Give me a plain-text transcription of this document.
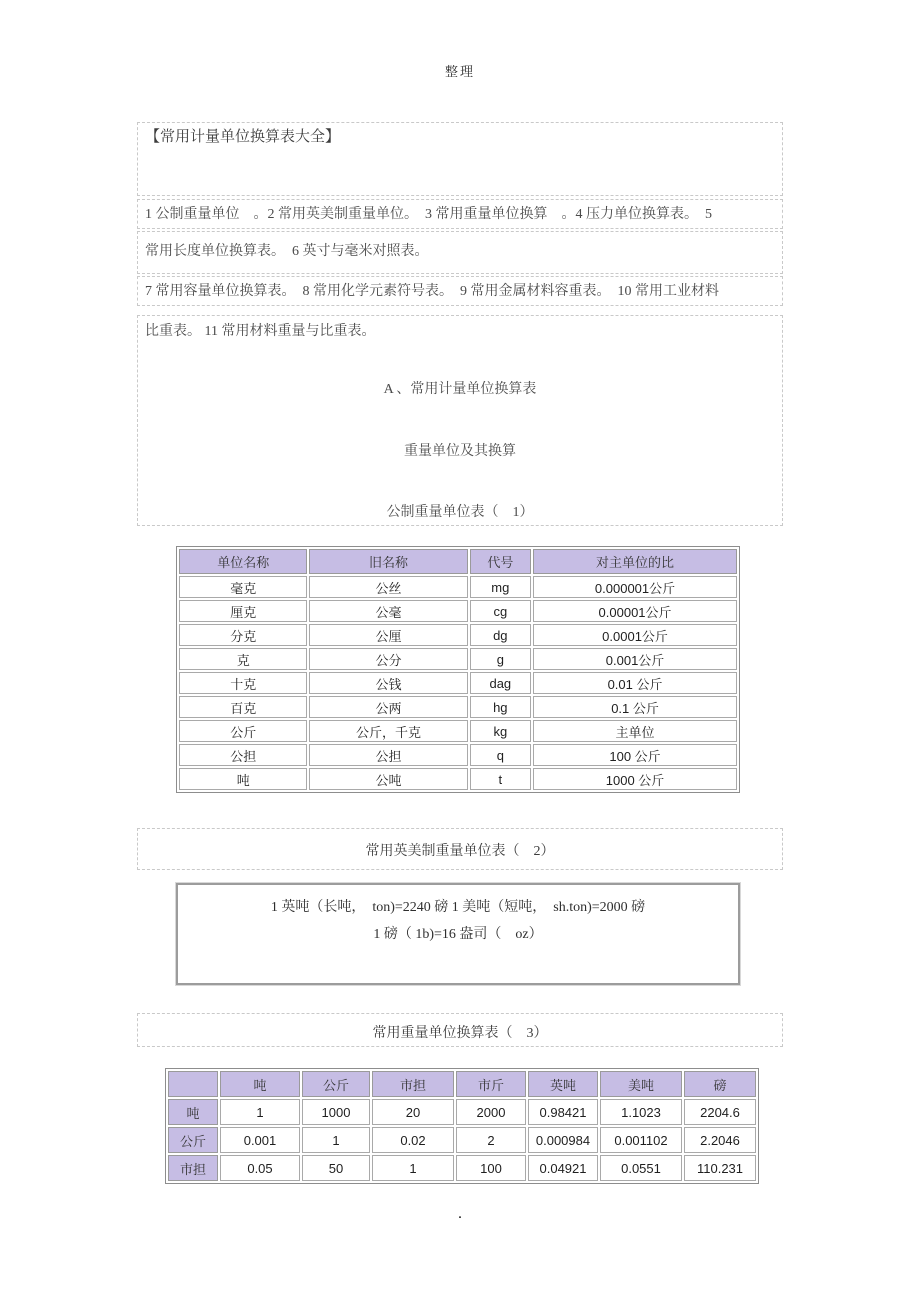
整理
【常用计量单位换算表大全】
1 公制重量单位　。2 常用英美制重量单位。　3 常用重量单位换算　。4 压力单位换算表。　5
常用长度单位换算表。　6 英寸与毫米对照表。
7 常用容量单位换算表。　8 常用化学元素符号表。　9 常用金属材料容重表。　10 常用工业材料
比重表。 11 常用材料重量与比重表。
A 、常用计量单位换算表
重量单位及其换算
公制重量单位表（　1）
单位名称	旧名称	代号	对主单位的比
毫克	公丝	mg	0.000001公斤
厘克	公毫	cg	0.00001公斤
分克	公厘	dg	0.0001公斤
克	公分	g	0.001公斤
十克	公钱	dag	0.01 公斤
百克	公两	hg	0.1 公斤
公斤	公斤，千克	kg	主单位
公担	公担	q	100 公斤
吨	公吨	t	1000 公斤
常用英美制重量单位表（　2）
1 英吨（长吨，　ton)=2240 磅 1 美吨（短吨，　sh.ton)=2000 磅
1 磅（ 1b)=16 盎司（　oz）
常用重量单位换算表（　3）
	吨	公斤	市担	市斤	英吨	美吨	磅
吨	1	1000	20	2000	0.98421	1.1023	2204.6
公斤	0.001	1	0.02	2	0.000984	0.001102	2.2046
市担	0.05	50	1	100	0.04921	0.0551	110.231
.
